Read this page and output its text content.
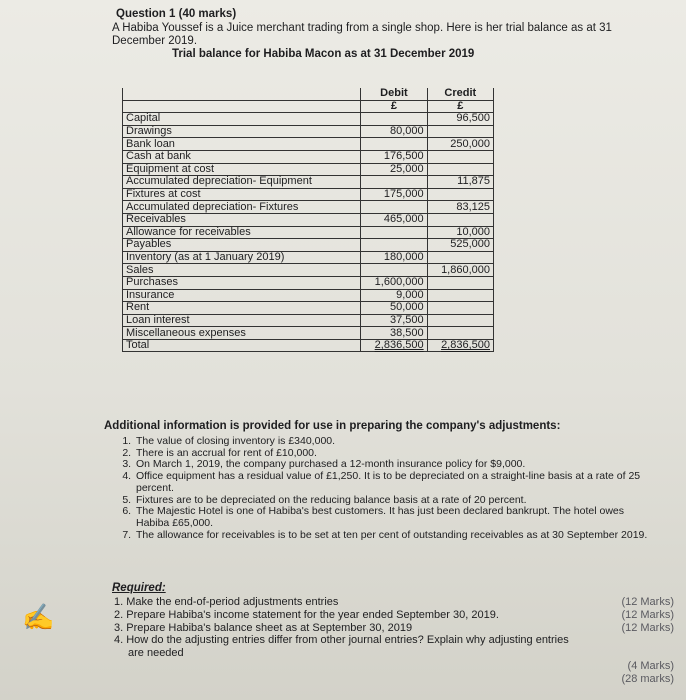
Question 1 (40 marks)
A Habiba Youssef is a Juice merchant trading from a single shop. Here is her trial balance as at 31 December 2019.
Trial balance for Habiba Macon as at 31 December 2019
	Debit	Credit
	£	£
Capital		96,500
Drawings	80,000	
Bank loan		250,000
Cash at bank	176,500	
Equipment at cost	25,000	
Accumulated depreciation- Equipment		11,875
Fixtures at cost	175,000	
Accumulated depreciation- Fixtures		83,125
Receivables	465,000	
Allowance for receivables		10,000
Payables		525,000
Inventory (as at 1 January 2019)	180,000	
Sales		1,860,000
Purchases	1,600,000	
Insurance	9,000	
Rent	50,000	
Loan interest	37,500	
Miscellaneous expenses	38,500	
Total	2,836,500	2,836,500
Additional information is provided for use in preparing the company's adjustments:
1. The value of closing inventory is £340,000.
2. There is an accrual for rent of £10,000.
3. On March 1, 2019, the company purchased a 12-month insurance policy for $9,000.
4. Office equipment has a residual value of £1,250. It is to be depreciated on a straight-line basis at a rate of 25 percent.
5. Fixtures are to be depreciated on the reducing balance basis at a rate of 20 percent.
6. The Majestic Hotel is one of Habiba's best customers. It has just been declared bankrupt. The hotel owes Habiba £65,000.
7. The allowance for receivables is to be set at ten per cent of outstanding receivables as at 30 September 2019.
Required:
1. Make the end-of-period adjustments entries	(12 Marks)
2. Prepare Habiba's income statement for the year ended September 30, 2019.	(12 Marks)
3. Prepare Habiba's balance sheet as at September 30, 2019	(12 Marks)
4. How do the adjusting entries differ from other journal entries? Explain why adjusting entries
are needed
(4 Marks)
(28 marks)
✍
